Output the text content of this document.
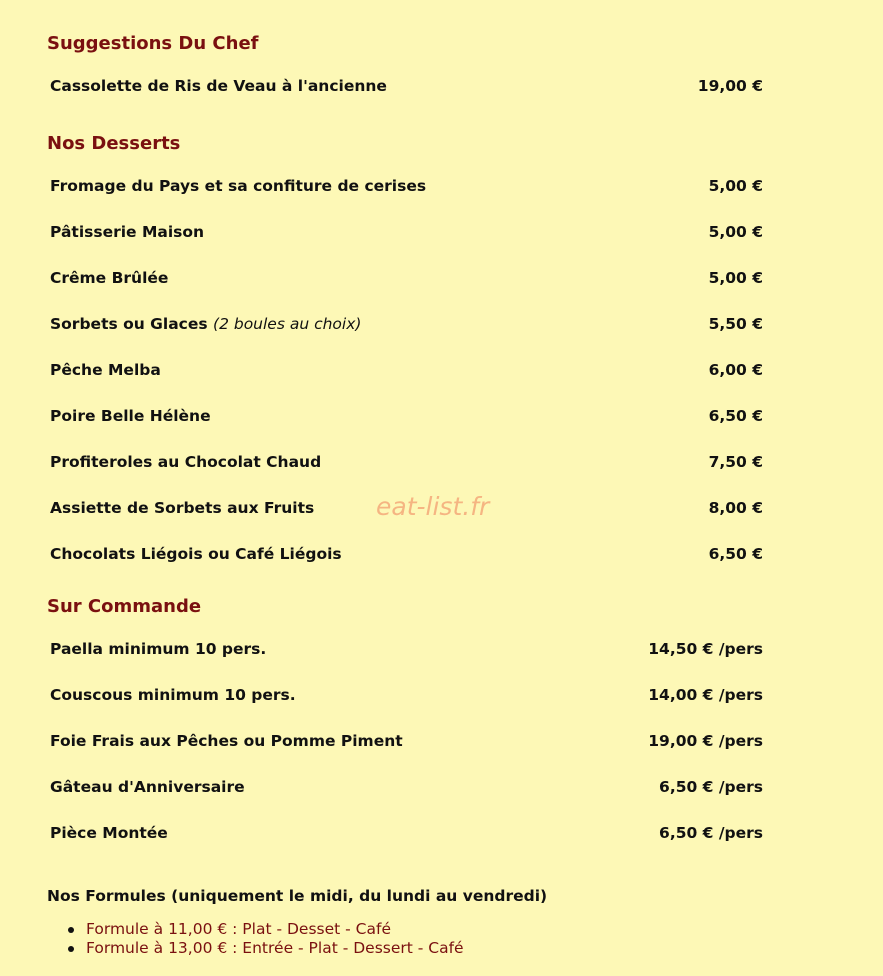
Suggestions Du Chef
Cassolette de Ris de Veau à l'ancienne	19,00 €
Nos Desserts
Fromage du Pays et sa confiture de cerises	5,00 €
Pâtisserie Maison	5,00 €
Crême Brûlée	5,00 €
Sorbets ou Glaces (2 boules au choix)	5,50 €
Pêche Melba	6,00 €
Poire Belle Hélène	6,50 €
Profiteroles au Chocolat Chaud	7,50 €
Assiette de Sorbets aux Fruits	8,00 €
Chocolats Liégois ou Café Liégois	6,50 €
eat-list.fr
Sur Commande
Paella minimum 10 pers.	14,50 € /pers
Couscous minimum 10 pers.	14,00 € /pers
Foie Frais aux Pêches ou Pomme Piment	19,00 € /pers
Gâteau d'Anniversaire	6,50 € /pers
Pièce Montée	6,50 € /pers

Nos Formules (uniquement le midi, du lundi au vendredi)

Formule à 11,00 € : Plat - Desset - Café
Formule à 13,00 € : Entrée - Plat - Dessert - Café
